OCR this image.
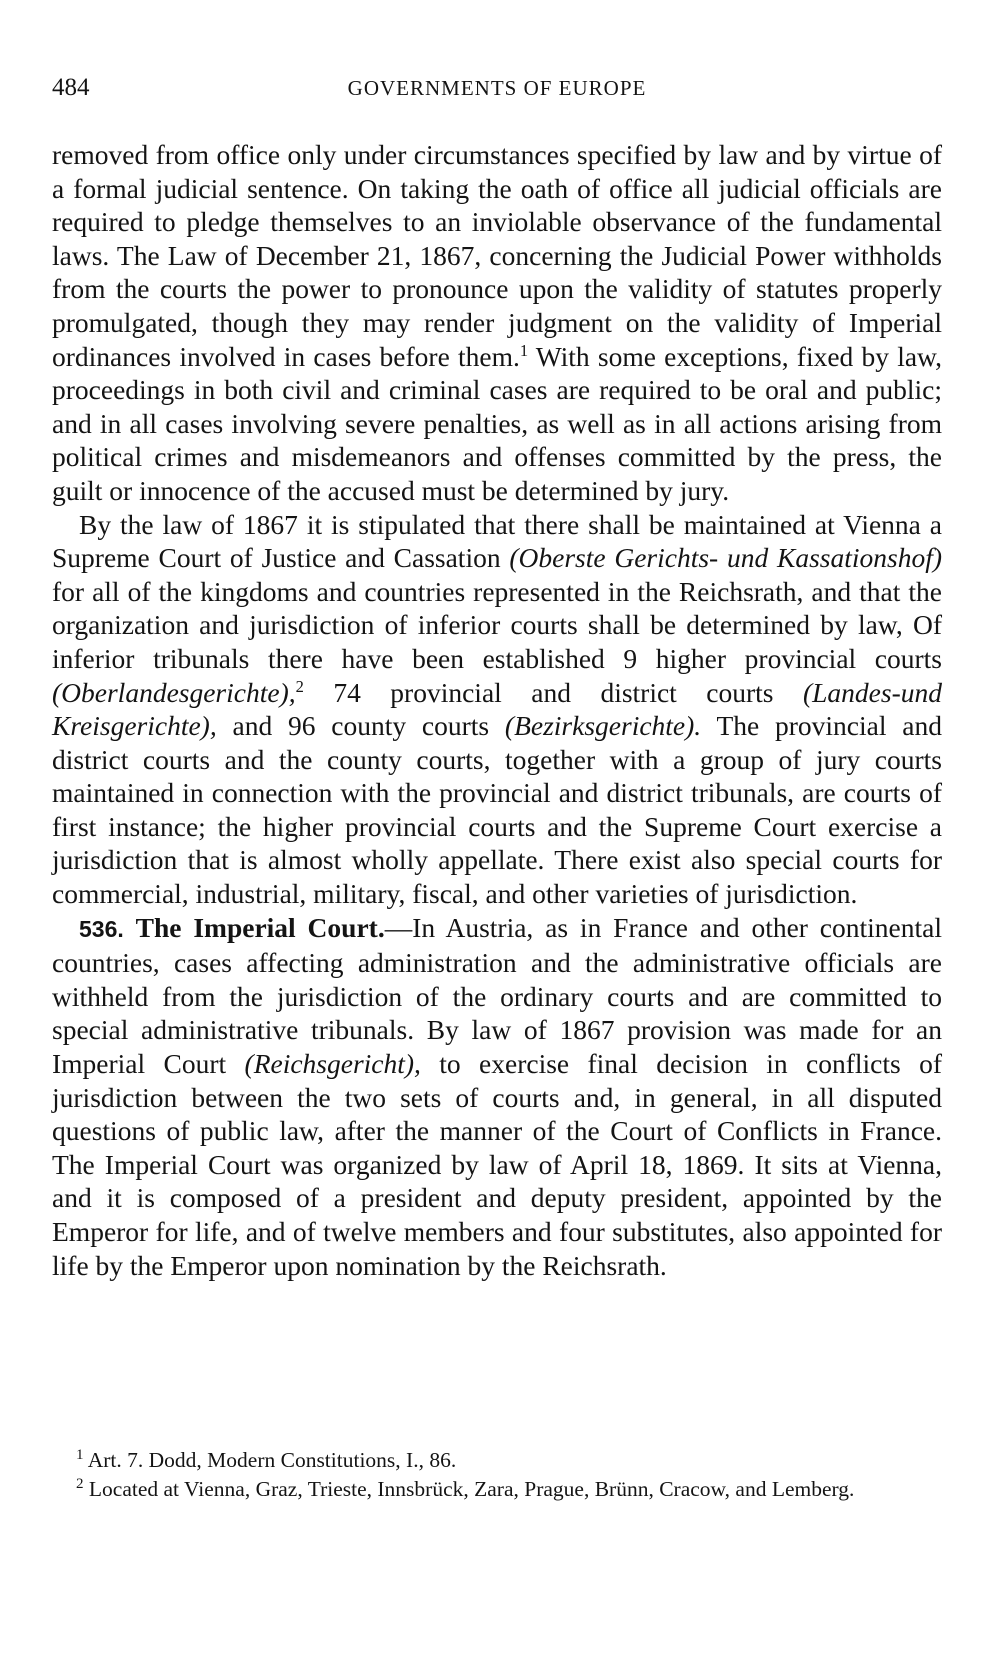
484	GOVERNMENTS OF EUROPE

removed from office only under circumstances specified by law and by virtue of a formal judicial sentence. On taking the oath of office all judicial officials are required to pledge themselves to an inviolable observance of the fundamental laws. The Law of December 21, 1867, concerning the Judicial Power withholds from the courts the power to pronounce upon the validity of statutes properly promulgated, though they may render judgment on the validity of Imperial ordinances involved in cases before them.$^1$ With some exceptions, fixed by law, proceedings in both civil and criminal cases are required to be oral and public; and in all cases involving severe penalties, as well as in all actions arising from political crimes and misdemeanors and offenses committed by the press, the guilt or innocence of the accused must be determined by jury.

By the law of 1867 it is stipulated that there shall be maintained at Vienna a Supreme Court of Justice and Cassation (Oberste Gerichts- und Kassationshof) for all of the kingdoms and countries represented in the Reichsrath, and that the organization and jurisdiction of inferior courts shall be determined by law, Of inferior tribunals there have been established 9 higher provincial courts (Oberlandesgerichte),$^2$ 74 provincial and district courts (Landes-und Kreisgerichte), and 96 county courts (Bezirksgerichte). The provincial and district courts and the county courts, together with a group of jury courts maintained in connection with the provincial and district tribunals, are courts of first instance; the higher provincial courts and the Supreme Court exercise a jurisdiction that is almost wholly appellate. There exist also special courts for commercial, industrial, military, fiscal, and other varieties of jurisdiction.

536. The Imperial Court.—In Austria, as in France and other continental countries, cases affecting administration and the administrative officials are withheld from the jurisdiction of the ordinary courts and are committed to special administrative tribunals. By law of 1867 provision was made for an Imperial Court (Reichsgericht), to exercise final decision in conflicts of jurisdiction between the two sets of courts and, in general, in all disputed questions of public law, after the manner of the Court of Conflicts in France. The Imperial Court was organized by law of April 18, 1869. It sits at Vienna, and it is composed of a president and deputy president, appointed by the Emperor for life, and of twelve members and four substitutes, also appointed for life by the Emperor upon nomination by the Reichsrath.

$^1$ Art. 7. Dodd, Modern Constitutions, I., 86.

$^2$ Located at Vienna, Graz, Trieste, Innsbrück, Zara, Prague, Brünn, Cracow, and Lemberg.
